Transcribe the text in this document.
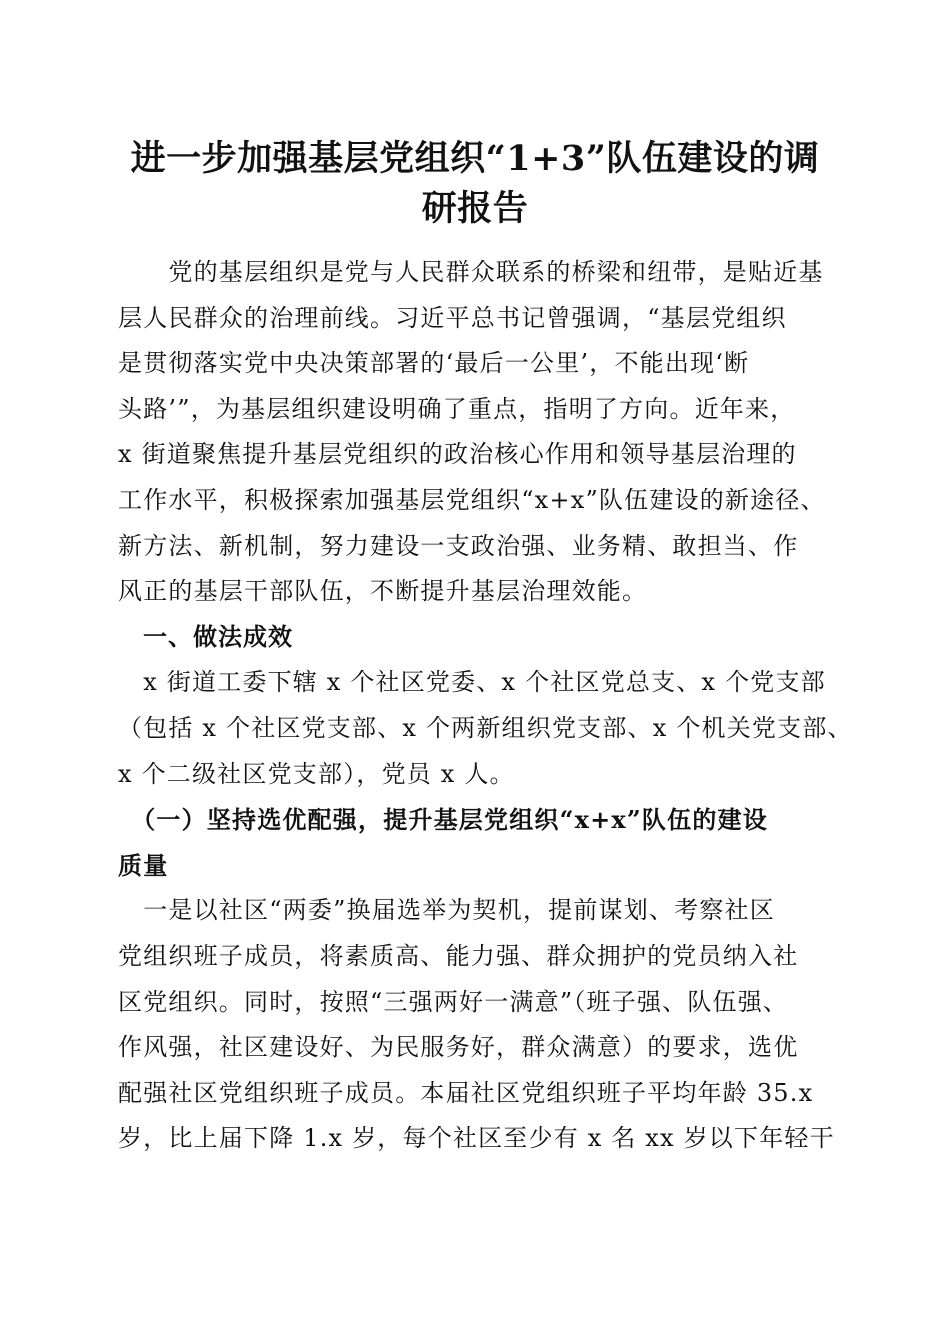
进一步加强基层党组织“1+3”队伍建设的调
研报告
　　党的基层组织是党与人民群众联系的桥梁和纽带，是贴近基
层人民群众的治理前线。习近平总书记曾强调，“基层党组织
是贯彻落实党中央决策部署的‘最后一公里’，不能出现‘断
头路’”，为基层组织建设明确了重点，指明了方向。近年来，
x 街道聚焦提升基层党组织的政治核心作用和领导基层治理的
工作水平，积极探索加强基层党组织“x+x”队伍建设的新途径、
新方法、新机制，努力建设一支政治强、业务精、敢担当、作
风正的基层干部队伍，不断提升基层治理效能。
　一、做法成效
　x 街道工委下辖 x 个社区党委、x 个社区党总支、x 个党支部
（包括 x 个社区党支部、x 个两新组织党支部、x 个机关党支部、
x 个二级社区党支部），党员 x 人。
　（一）坚持选优配强，提升基层党组织“x+x”队伍的建设
质量
　一是以社区“两委”换届选举为契机，提前谋划、考察社区
党组织班子成员，将素质高、能力强、群众拥护的党员纳入社
区党组织。同时，按照“三强两好一满意”（班子强、队伍强、
作风强，社区建设好、为民服务好，群众满意）的要求，选优
配强社区党组织班子成员。本届社区党组织班子平均年龄 35.x
岁，比上届下降 1.x 岁，每个社区至少有 x 名 xx 岁以下年轻干
